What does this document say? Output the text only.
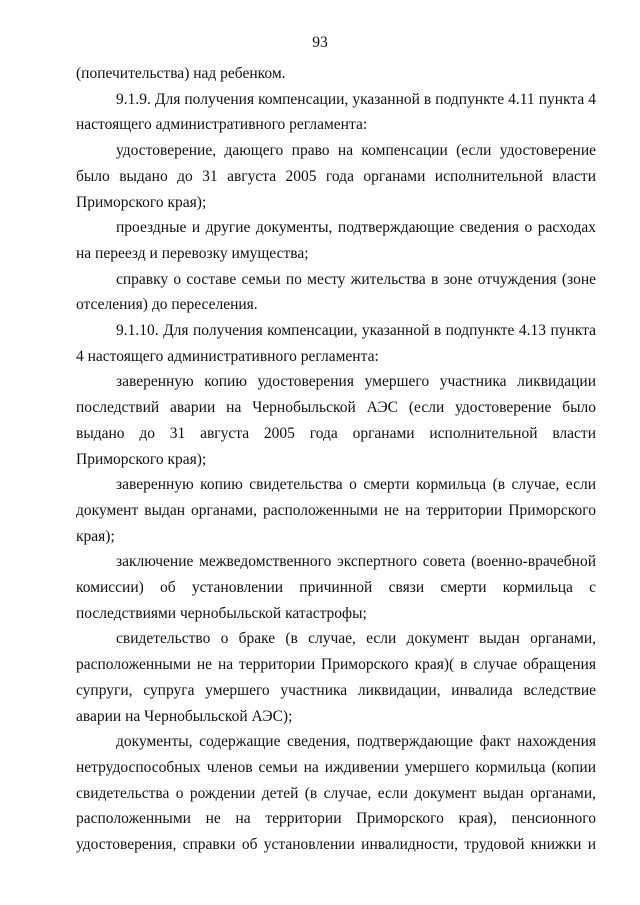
93

(попечительства) над ребенком.

9.1.9. Для получения компенсации, указанной в подпункте 4.11 пункта 4 настоящего административного регламента:

удостоверение, дающего право на компенсации (если удостоверение было выдано до 31 августа 2005 года органами исполнительной власти Приморского края);

проездные и другие документы, подтверждающие сведения о расходах на переезд и перевозку имущества;

справку о составе семьи по месту жительства в зоне отчуждения (зоне отселения) до переселения.

9.1.10. Для получения компенсации, указанной в подпункте 4.13 пункта 4 настоящего административного регламента:

заверенную копию удостоверения умершего участника ликвидации последствий аварии на Чернобыльской АЭС (если удостоверение было выдано до 31 августа 2005 года органами исполнительной власти Приморского края);

заверенную копию свидетельства о смерти кормильца (в случае, если документ выдан органами, расположенными не на территории Приморского края);

заключение межведомственного экспертного совета (военно-врачебной комиссии) об установлении причинной связи смерти кормильца с последствиями чернобыльской катастрофы;

свидетельство о браке (в случае, если документ выдан органами, расположенными не на территории Приморского края)( в случае обращения супруги, супруга умершего участника ликвидации, инвалида вследствие аварии на Чернобыльской АЭС);

документы, содержащие сведения, подтверждающие факт нахождения нетрудоспособных членов семьи на иждивении умершего кормильца (копии свидетельства о рождении детей (в случае, если документ выдан органами, расположенными не на территории Приморского края), пенсионного удостоверения, справки об установлении инвалидности, трудовой книжки и
